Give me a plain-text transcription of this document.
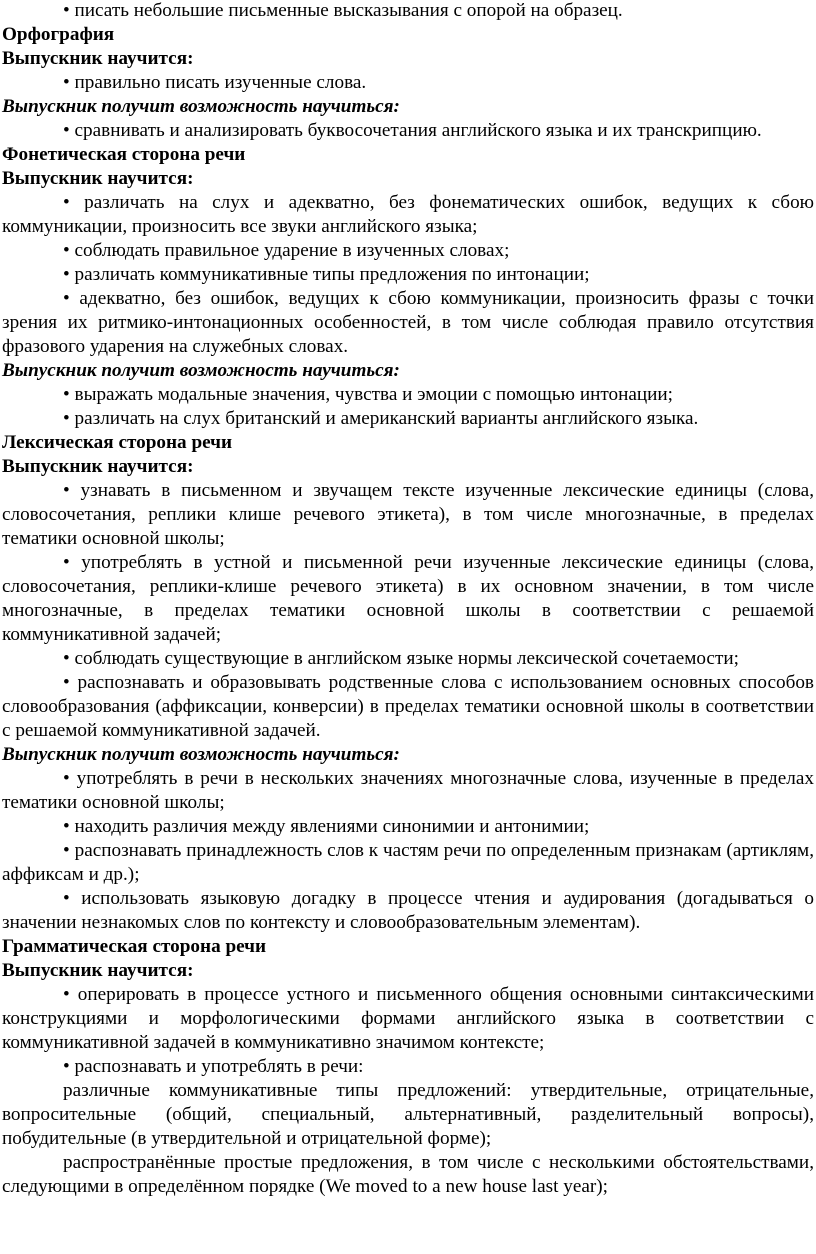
• писать небольшие письменные высказывания с опорой на образец.

Орфография

Выпускник научится:

• правильно писать изученные слова.

Выпускник получит возможность научиться:

• сравнивать и анализировать буквосочетания английского языка и их транскрипцию.

Фонетическая сторона речи

Выпускник научится:

• различать на слух и адекватно, без фонематических ошибок, ведущих к сбою коммуникации, произносить все звуки английского языка;

• соблюдать правильное ударение в изученных словах;

• различать коммуникативные типы предложения по интонации;

• адекватно, без ошибок, ведущих к сбою коммуникации, произносить фразы с точки зрения их ритмико-интонационных особенностей, в том числе соблюдая правило отсутствия фразового ударения на служебных словах.

Выпускник получит возможность научиться:

• выражать модальные значения, чувства и эмоции с помощью интонации;

• различать на слух британский и американский варианты английского языка.

Лексическая сторона речи

Выпускник научится:

• узнавать в письменном и звучащем тексте изученные лексические единицы (слова, словосочетания, реплики клише речевого этикета), в том числе многозначные, в пределах тематики основной школы;

• употреблять в устной и письменной речи изученные лексические единицы (слова, словосочетания, реплики-клише речевого этикета) в их основном значении, в том числе многозначные, в пределах тематики основной школы в соответствии с решаемой коммуникативной задачей;

• соблюдать существующие в английском языке нормы лексической сочетаемости;

• распознавать и образовывать родственные слова с использованием основных способов словообразования (аффиксации, конверсии) в пределах тематики основной школы в соответствии с решаемой коммуникативной задачей.

Выпускник получит возможность научиться:

• употреблять в речи в нескольких значениях многозначные слова, изученные в пределах тематики основной школы;

• находить различия между явлениями синонимии и антонимии;

• распознавать принадлежность слов к частям речи по определенным признакам (артиклям, аффиксам и др.);

• использовать языковую догадку в процессе чтения и аудирования (догадываться о значении незнакомых слов по контексту и словообразовательным элементам).

Грамматическая сторона речи

Выпускник научится:

• оперировать в процессе устного и письменного общения основными синтаксическими конструкциями и морфологическими формами английского языка в соответствии с коммуникативной задачей в коммуникативно значимом контексте;

• распознавать и употреблять в речи:

различные коммуникативные типы предложений: утвердительные, отрицательные, вопросительные (общий, специальный, альтернативный, разделительный вопросы), побудительные (в утвердительной и отрицательной форме);

распространённые простые предложения, в том числе с несколькими обстоятельствами, следующими в определённом порядке (We moved to a new house last year);
